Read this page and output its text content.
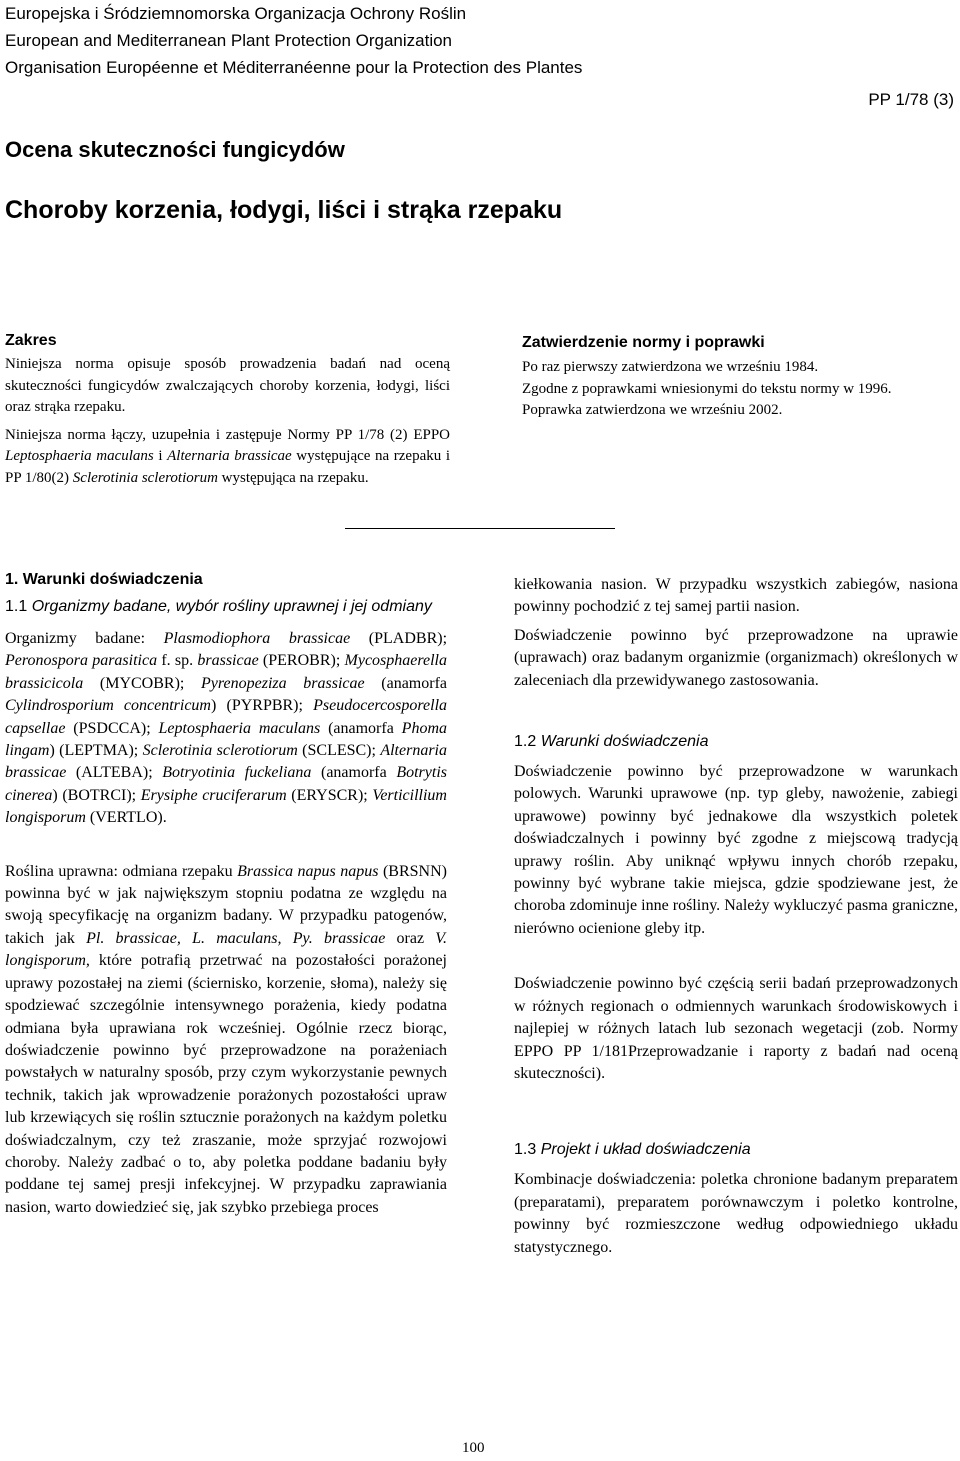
Europejska i Śródziemnomorska Organizacja Ochrony Roślin
European and Mediterranean Plant Protection Organization
Organisation Européenne et Méditerranéenne pour la Protection des Plantes
PP 1/78 (3)
Ocena skuteczności fungicydów
Choroby korzenia, łodygi, liści i strąka rzepaku
Zakres

Niniejsza norma opisuje sposób prowadzenia badań nad oceną skuteczności fungicydów zwalczających choroby korzenia, łodygi, liści oraz strąka rzepaku.

Niniejsza norma łączy, uzupełnia i zastępuje Normy PP 1/78 (2) EPPO Leptosphaeria maculans i Alternaria brassicae występujące na rzepaku i PP 1/80(2) Sclerotinia sclerotiorum występująca na rzepaku.

Zatwierdzenie normy i poprawki

Po raz pierwszy zatwierdzona we wrześniu 1984.

Zgodne z poprawkami wniesionymi do tekstu normy w 1996.

Poprawka zatwierdzona we wrześniu 2002.

1. Warunki doświadczenia
1.1 Organizmy badane, wybór rośliny uprawnej i jej odmiany

Organizmy badane: Plasmodiophora brassicae (PLADBR); Peronospora parasitica f. sp. brassicae (PEROBR); Mycosphaerella brassicicola (MYCOBR); Pyrenopeziza brassicae (anamorfa Cylindrosporium concentricum) (PYRPBR); Pseudocercosporella capsellae (PSDCCA); Leptosphaeria maculans (anamorfa Phoma lingam) (LEPTMA); Sclerotinia sclerotiorum (SCLESC); Alternaria brassicae (ALTEBA); Botryotinia fuckeliana (anamorfa Botrytis cinerea) (BOTRCI); Erysiphe cruciferarum (ERYSCR); Verticillium longisporum (VERTLO).

Roślina uprawna: odmiana rzepaku Brassica napus napus (BRSNN) powinna być w jak największym stopniu podatna ze względu na swoją specyfikację na organizm badany. W przypadku patogenów, takich jak Pl. brassicae, L. maculans, Py. brassicae oraz V. longisporum, które potrafią przetrwać na pozostałości porażonej uprawy pozostałej na ziemi (ściernisko, korzenie, słoma), należy się spodziewać szczególnie intensywnego porażenia, kiedy podatna odmiana była uprawiana rok wcześniej. Ogólnie rzecz biorąc, doświadczenie powinno być przeprowadzone na porażeniach powstałych w naturalny sposób, przy czym wykorzystanie pewnych technik, takich jak wprowadzenie porażonych pozostałości upraw lub krzewiących się roślin sztucznie porażonych na każdym poletku doświadczalnym, czy też zraszanie, może sprzyjać rozwojowi choroby. Należy zadbać o to, aby poletka poddane badaniu były poddane tej samej presji infekcyjnej. W przypadku zaprawiania nasion, warto dowiedzieć się, jak szybko przebiega proces

kiełkowania nasion. W przypadku wszystkich zabiegów, nasiona powinny pochodzić z tej samej partii nasion.

Doświadczenie powinno być przeprowadzone na uprawie (uprawach) oraz badanym organizmie (organizmach) określonych w zaleceniach dla przewidywanego zastosowania.

1.2 Warunki doświadczenia

Doświadczenie powinno być przeprowadzone w warunkach polowych. Warunki uprawowe (np. typ gleby, nawożenie, zabiegi uprawowe) powinny być jednakowe dla wszystkich poletek doświadczalnych i powinny być zgodne z miejscową tradycją uprawy roślin. Aby uniknąć wpływu innych chorób rzepaku, powinny być wybrane takie miejsca, gdzie spodziewane jest, że choroba zdominuje inne rośliny. Należy wykluczyć pasma graniczne, nierówno ocienione gleby itp.

Doświadczenie powinno być częścią serii badań przeprowadzonych w różnych regionach o odmiennych warunkach środowiskowych i najlepiej w różnych latach lub sezonach wegetacji (zob. Normy EPPO PP 1/181Przeprowadzanie i raporty z badań nad oceną skuteczności).

1.3 Projekt i układ doświadczenia

Kombinacje doświadczenia: poletka chronione badanym preparatem (preparatami), preparatem porównawczym i poletko kontrolne, powinny być rozmieszczone według odpowiedniego układu statystycznego.

100
